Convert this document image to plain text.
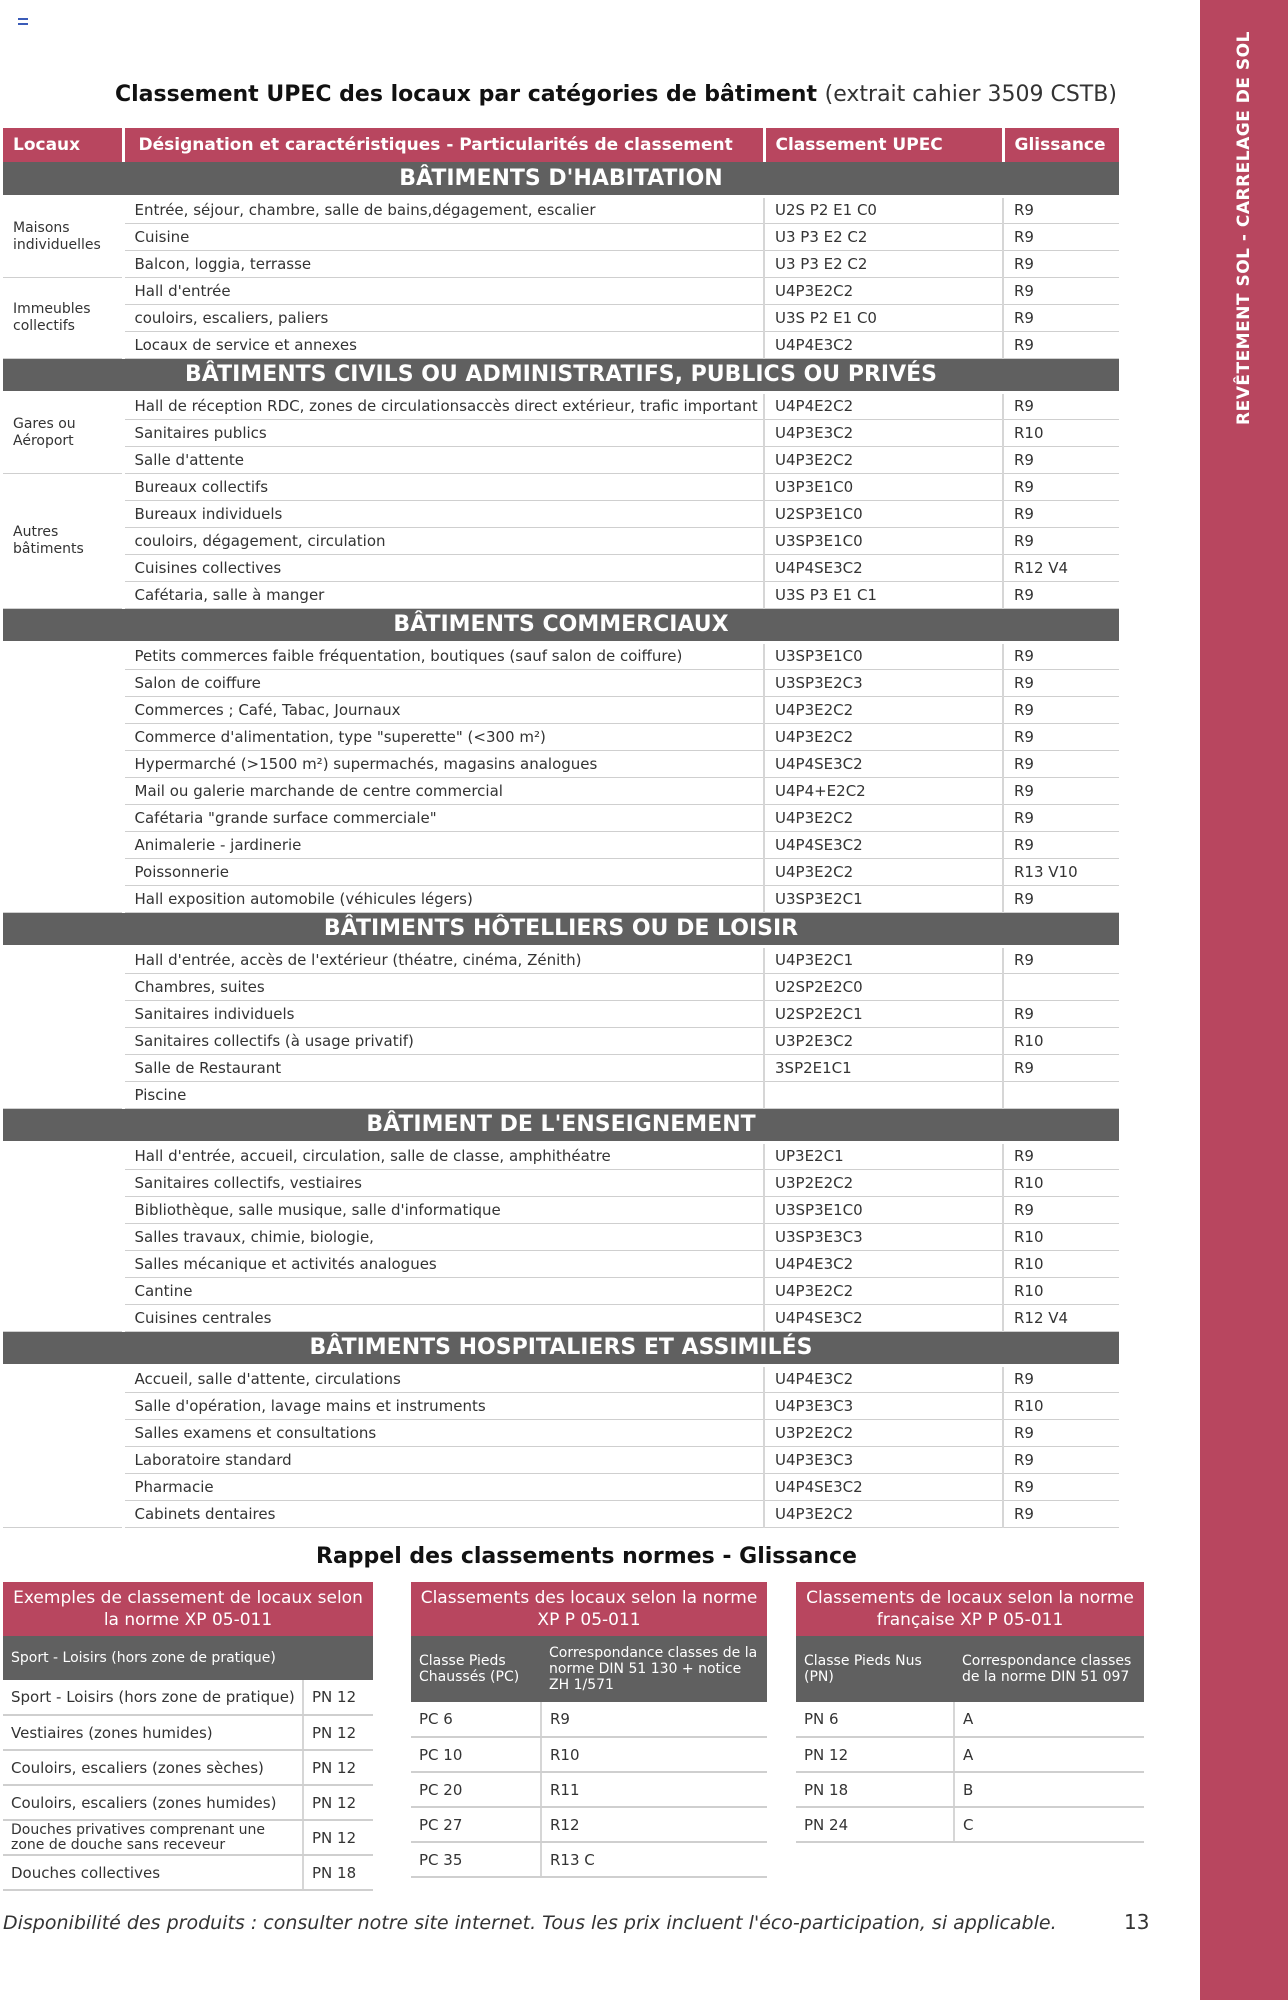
REVÊTEMENT SOL - CARRELAGE DE SOL
Classement UPEC des locaux par catégories de bâtiment (extrait cahier 3509 CSTB)
Locaux	Désignation et caractéristiques - Particularités de classement	Classement UPEC	Glissance
BÂTIMENTS D'HABITATION			
Maisons individuelles	Entrée, séjour, chambre, salle de bains,dégagement, escalier	U2S P2 E1 C0	R9
	Cuisine	U3 P3 E2 C2	R9
	Balcon, loggia, terrasse	U3 P3 E2 C2	R9
Immeubles collectifs	Hall d'entrée	U4P3E2C2	R9
	couloirs, escaliers, paliers	U3S P2 E1 C0	R9
	Locaux de service et annexes	U4P4E3C2	R9
BÂTIMENTS CIVILS OU ADMINISTRATIFS, PUBLICS OU PRIVÉS			
Gares ou Aéroport	Hall de réception RDC, zones de circulationsaccès direct extérieur, trafic important	U4P4E2C2	R9
	Sanitaires publics	U4P3E3C2	R10
	Salle d'attente	U4P3E2C2	R9
Autres bâtiments	Bureaux collectifs	U3P3E1C0	R9
	Bureaux individuels	U2SP3E1C0	R9
	couloirs, dégagement, circulation	U3SP3E1C0	R9
	Cuisines collectives	U4P4SE3C2	R12 V4
	Cafétaria, salle à manger	U3S P3 E1 C1	R9
BÂTIMENTS COMMERCIAUX			
	Petits commerces faible fréquentation, boutiques (sauf salon de coiffure)	U3SP3E1C0	R9
	Salon de coiffure	U3SP3E2C3	R9
	Commerces ; Café, Tabac, Journaux	U4P3E2C2	R9
	Commerce d'alimentation, type "superette" (<300 m²)	U4P3E2C2	R9
	Hypermarché (>1500 m²) supermachés, magasins analogues	U4P4SE3C2	R9
	Mail ou galerie marchande de centre commercial	U4P4+E2C2	R9
	Cafétaria "grande surface commerciale"	U4P3E2C2	R9
	Animalerie - jardinerie	U4P4SE3C2	R9
	Poissonnerie	U4P3E2C2	R13 V10
	Hall exposition automobile (véhicules légers)	U3SP3E2C1	R9
BÂTIMENTS HÔTELLIERS OU DE LOISIR			
	Hall d'entrée, accès de l'extérieur (théatre, cinéma, Zénith)	U4P3E2C1	R9
	Chambres, suites	U2SP2E2C0	
	Sanitaires individuels	U2SP2E2C1	R9
	Sanitaires collectifs (à usage privatif)	U3P2E3C2	R10
	Salle de Restaurant	3SP2E1C1	R9
	Piscine		
BÂTIMENT DE L'ENSEIGNEMENT			
	Hall d'entrée, accueil, circulation, salle de classe, amphithéatre	UP3E2C1	R9
	Sanitaires collectifs, vestiaires	U3P2E2C2	R10
	Bibliothèque, salle musique, salle d'informatique	U3SP3E1C0	R9
	Salles travaux, chimie, biologie,	U3SP3E3C3	R10
	Salles mécanique et activités analogues	U4P4E3C2	R10
	Cantine	U4P3E2C2	R10
	Cuisines centrales	U4P4SE3C2	R12 V4
BÂTIMENTS HOSPITALIERS ET ASSIMILÉS			
	Accueil, salle d'attente, circulations	U4P4E3C2	R9
	Salle d'opération, lavage mains et instruments	U4P3E3C3	R10
	Salles examens et consultations	U3P2E2C2	R9
	Laboratoire standard	U4P3E3C3	R9
	Pharmacie	U4P4SE3C2	R9
	Cabinets dentaires	U4P3E2C2	R9
Rappel des classements normes - Glissance
Exemples de classement de locaux selon la norme XP 05-011	
Sport - Loisirs (hors zone de pratique)	
Sport - Loisirs (hors zone de pratique)	PN 12
Vestiaires (zones humides)	PN 12
Couloirs, escaliers (zones sèches)	PN 12
Couloirs, escaliers (zones humides)	PN 12
Douches privatives comprenant une zone de douche sans receveur	PN 12
Douches collectives	PN 18
Classements des locaux selon la norme XP P 05-011	
Classe Pieds Chaussés (PC)	Correspondance classes de la norme DIN 51 130 + notice ZH 1/571
PC 6	R9
PC 10	R10
PC 20	R11
PC 27	R12
PC 35	R13 C
Classements de locaux selon la norme française XP P 05-011	
Classe Pieds Nus (PN)	Correspondance classes de la norme DIN 51 097
PN 6	A
PN 12	A
PN 18	B
PN 24	C
Disponibilité des produits : consulter notre site internet. Tous les prix incluent l'éco-participation, si applicable.	13
